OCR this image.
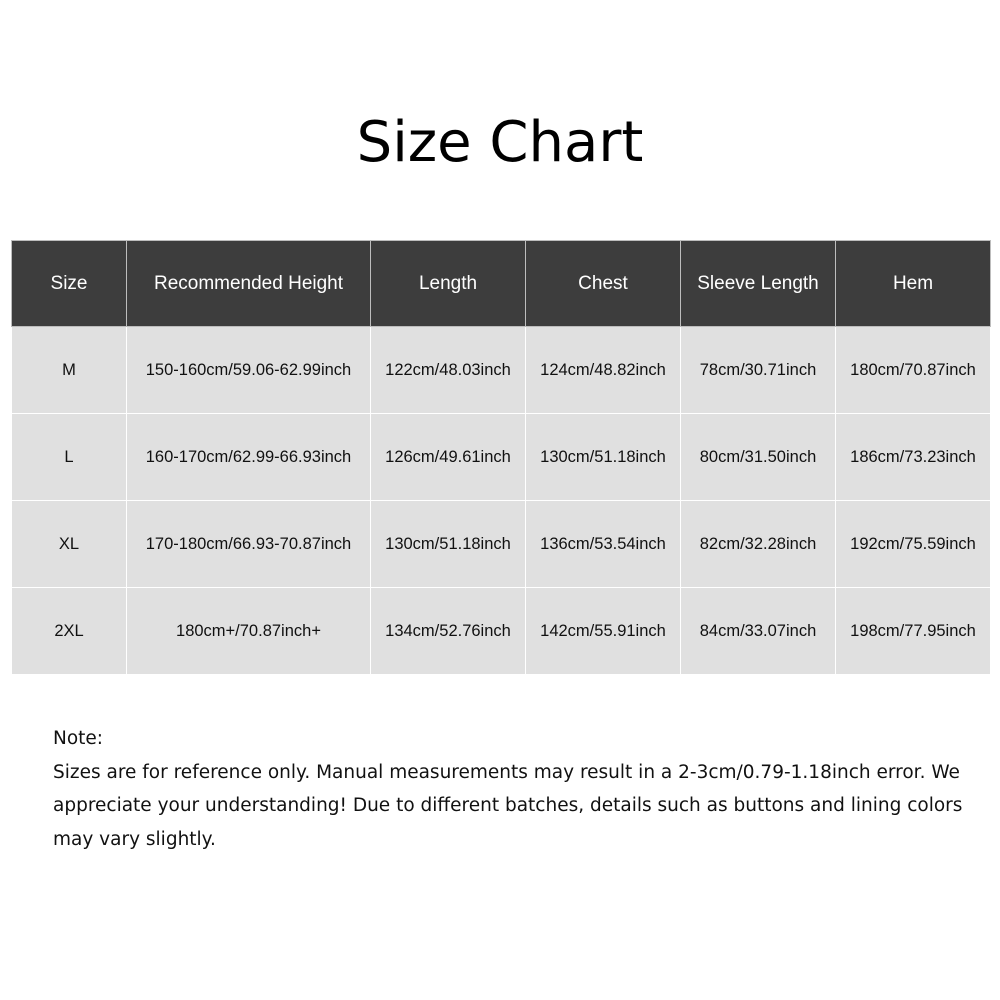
Size Chart
Size	Recommended Height	Length	Chest	Sleeve Length	Hem
M	150-160cm/59.06-62.99inch	122cm/48.03inch	124cm/48.82inch	78cm/30.71inch	180cm/70.87inch
L	160-170cm/62.99-66.93inch	126cm/49.61inch	130cm/51.18inch	80cm/31.50inch	186cm/73.23inch
XL	170-180cm/66.93-70.87inch	130cm/51.18inch	136cm/53.54inch	82cm/32.28inch	192cm/75.59inch
2XL	180cm+/70.87inch+	134cm/52.76inch	142cm/55.91inch	84cm/33.07inch	198cm/77.95inch

Note:

Sizes are for reference only. Manual measurements may result in a 2-3cm/0.79-1.18inch error. We appreciate your understanding! Due to different batches, details such as buttons and lining colors may vary slightly.
